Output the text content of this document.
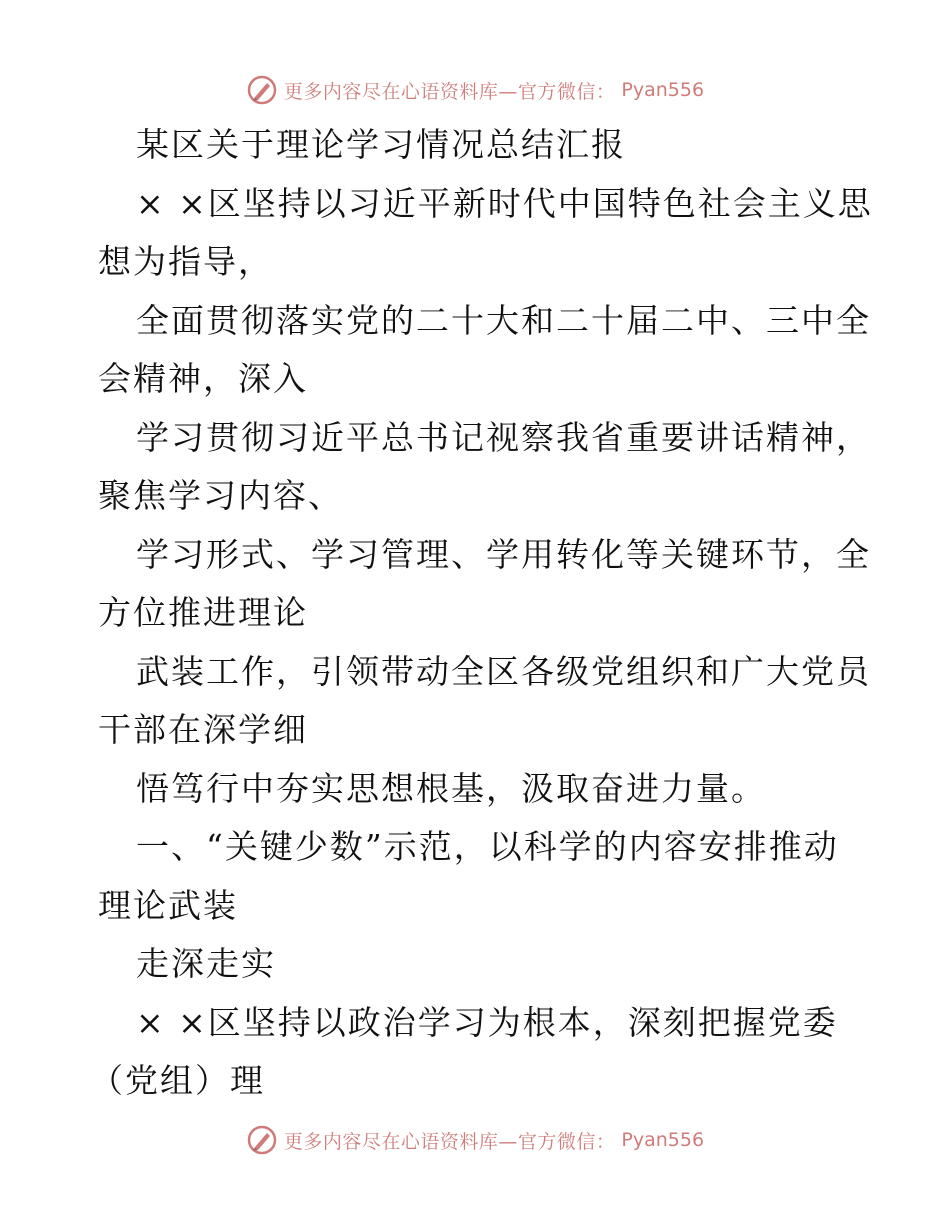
更多内容尽在心语资料库—官方微信： Pyan556
某区关于理论学习情况总结汇报
× ×区坚持以习近平新时代中国特色社会主义思
想为指导，
全面贯彻落实党的二十大和二十届二中、三中全
会精神，深入
学习贯彻习近平总书记视察我省重要讲话精神，
聚焦学习内容、
学习形式、学习管理、学用转化等关键环节，全
方位推进理论
武装工作，引领带动全区各级党组织和广大党员
干部在深学细
悟笃行中夯实思想根基，汲取奋进力量。
一、“关键少数”示范，以科学的内容安排推动
理论武装
走深走实
× ×区坚持以政治学习为根本，深刻把握党委
（党组）理
更多内容尽在心语资料库—官方微信： Pyan556
